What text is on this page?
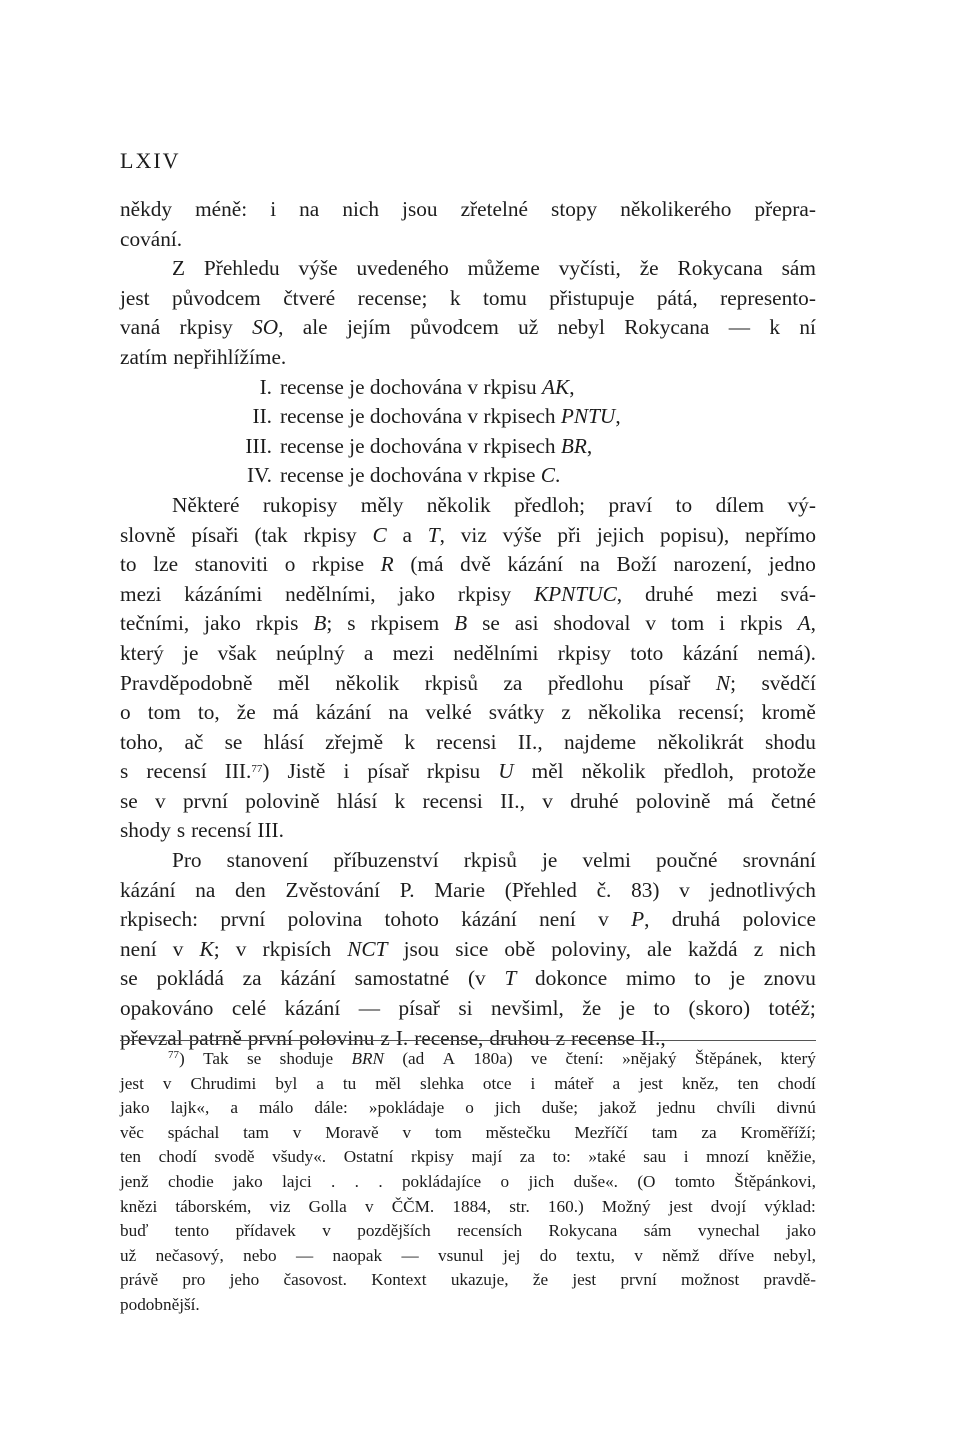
LXIV
někdy méně: i na nich jsou zřetelné stopy několikerého přepra-
cování.
Z Přehledu výše uvedeného můžeme vyčísti, že Rokycana sám
jest původcem čtveré recense; k tomu přistupuje pátá, represento-
vaná rkpisy SO, ale jejím původcem už nebyl Rokycana — k ní
zatím nepřihlížíme.
I. recense je dochována v rkpisu AK,
II. recense je dochována v rkpisech PNTU,
III. recense je dochována v rkpisech BR,
IV. recense je dochována v rkpise C.
Některé rukopisy měly několik předloh; praví to dílem vý-
slovně písaři (tak rkpisy C a T, viz výše při jejich popisu), nepřímo
to lze stanoviti o rkpise R (má dvě kázání na Boží narození, jedno
mezi kázáními nedělními, jako rkpisy KPNTUC, druhé mezi svá-
tečními, jako rkpis B; s rkpisem B se asi shodoval v tom i rkpis A,
který je však neúplný a mezi nedělními rkpisy toto kázání nemá).
Pravděpodobně měl několik rkpisů za předlohu písař N; svědčí
o tom to, že má kázání na velké svátky z několika recensí; kromě
toho, ač se hlásí zřejmě k recensi II., najdeme několikrát shodu
s recensí III.$^{77}$) Jistě i písař rkpisu U měl několik předloh, protože
se v první polovině hlásí k recensi II., v druhé polovině má četné
shody s recensí III.
Pro stanovení příbuzenství rkpisů je velmi poučné srovnání
kázání na den Zvěstování P. Marie (Přehled č. 83) v jednotlivých
rkpisech: první polovina tohoto kázání není v P, druhá polovice
není v K; v rkpisích NCT jsou sice obě poloviny, ale každá z nich
se pokládá za kázání samostatné (v T dokonce mimo to je znovu
opakováno celé kázání — písař si nevšiml, že je to (skoro) totéž;
převzal patrně první polovinu z I. recense, druhou z recense II.,
$^{77}$) Tak se shoduje BRN (ad A 180a) ve čtení: »nějaký Štěpánek, který
jest v Chrudimi byl a tu měl slehka otce i máteř a jest kněz, ten chodí
jako lajk«, a málo dále: »pokládaje o jich duše; jakož jednu chvíli divnú
věc spáchal tam v Moravě v tom městečku Mezříčí tam za Kroměříží;
ten chodí svodě všudy«. Ostatní rkpisy mají za to: »také sau i mnozí kněžie,
jenž chodie jako lajci . . . pokládajíce o jich duše«. (O tomto Štěpánkovi,
knězi táborském, viz Golla v ČČM. 1884, str. 160.) Možný jest dvojí výklad:
buď tento přídavek v pozdějších recensích Rokycana sám vynechal jako
už nečasový, nebo — naopak — vsunul jej do textu, v němž dříve nebyl,
právě pro jeho časovost. Kontext ukazuje, že jest první možnost pravdě-
podobnější.
